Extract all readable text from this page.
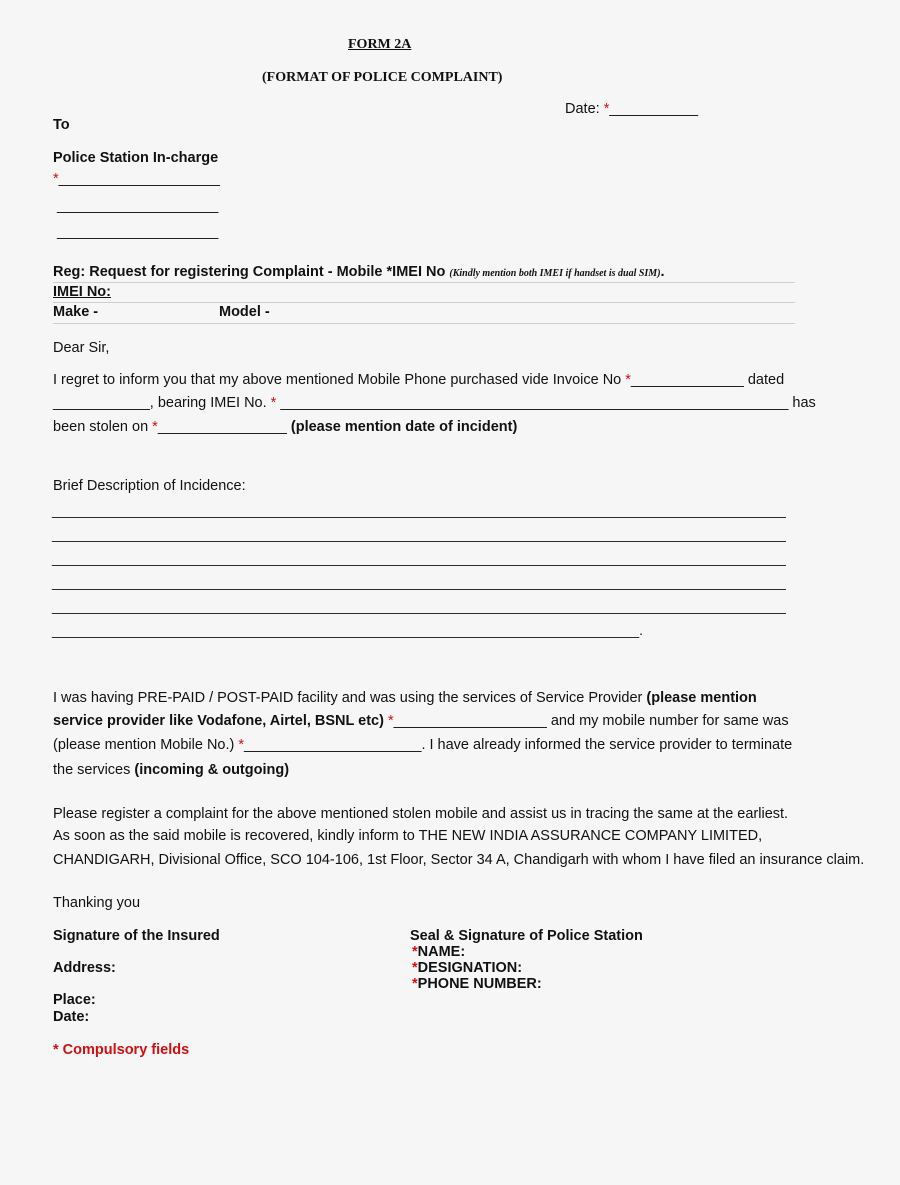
FORM 2A
(FORMAT OF POLICE COMPLAINT)
Date: *___________
To
Police Station In-charge
*____________________
____________________
____________________
Reg: Request for registering Complaint - Mobile *IMEI No (Kindly mention both IMEI if handset is dual SIM).
IMEI No:
Make -	Model -
Dear Sir,
I regret to inform you that my above mentioned Mobile Phone purchased vide Invoice No *______________ dated
____________, bearing IMEI No. * _______________________________________________________________ has
been stolen on *________________ (please mention date of incident)
Brief Description of Incidence:
_______________________________________________________________________________________________
_______________________________________________________________________________________________
_______________________________________________________________________________________________
_______________________________________________________________________________________________
_______________________________________________________________________________________________
____________________________________________________________________________.
I was having PRE-PAID / POST-PAID facility and was using the services of Service Provider (please mention
service provider like Vodafone, Airtel, BSNL etc) *___________________ and my mobile number for same was
(please mention Mobile No.) *______________________. I have already informed the service provider to terminate
the services (incoming & outgoing)
Please register a complaint for the above mentioned stolen mobile and assist us in tracing the same at the earliest.
As soon as the said mobile is recovered, kindly inform to THE NEW INDIA ASSURANCE COMPANY LIMITED,
CHANDIGARH, Divisional Office, SCO 104-106, 1st Floor, Sector 34 A, Chandigarh with whom I have filed an insurance claim.
Thanking you
Signature of the Insured
Address:
Place:
Date:
Seal & Signature of Police Station
*NAME:
*DESIGNATION:
*PHONE NUMBER:
* Compulsory fields
